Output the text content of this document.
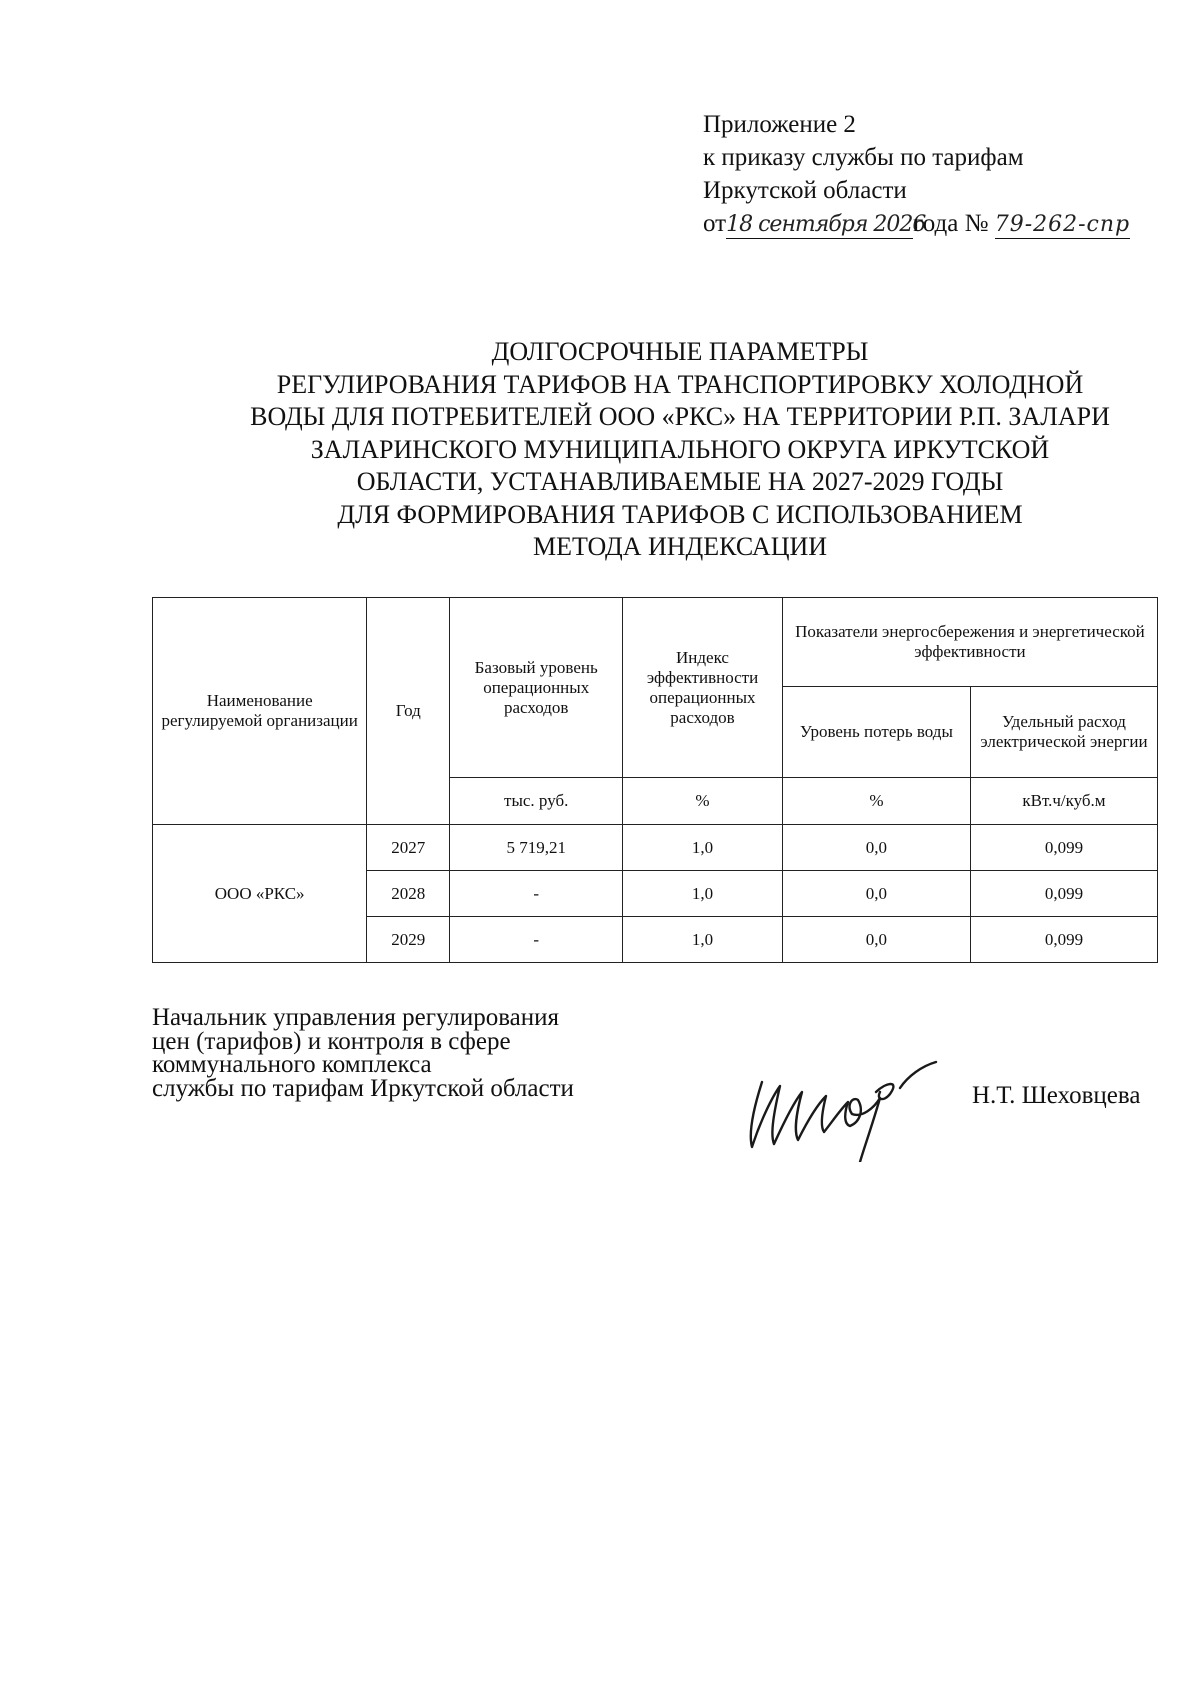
Приложение 2
к приказу службы по тарифам
Иркутской области
от18 сентября 2026года № 79-262-спр
ДОЛГОСРОЧНЫЕ ПАРАМЕТРЫ
РЕГУЛИРОВАНИЯ ТАРИФОВ НА ТРАНСПОРТИРОВКУ ХОЛОДНОЙ
ВОДЫ ДЛЯ ПОТРЕБИТЕЛЕЙ ООО «РКС» НА ТЕРРИТОРИИ Р.П. ЗАЛАРИ
ЗАЛАРИНСКОГО МУНИЦИПАЛЬНОГО ОКРУГА ИРКУТСКОЙ
ОБЛАСТИ, УСТАНАВЛИВАЕМЫЕ НА 2027-2029 ГОДЫ
ДЛЯ ФОРМИРОВАНИЯ ТАРИФОВ С ИСПОЛЬЗОВАНИЕМ
МЕТОДА ИНДЕКСАЦИИ
Наименование регулируемой организации	Год	Базовый уровень операционных расходов	Индекс эффективности операционных расходов	Показатели энергосбережения и энергетической эффективности	
				Уровень потерь воды	Удельный расход электрической энергии
		тыс. руб.	%	%	кВт.ч/куб.м
ООО «РКС»	2027	5 719,21	1,0	0,0	0,099
	2028	-	1,0	0,0	0,099
	2029	-	1,0	0,0	0,099
Начальник управления регулирования
цен (тарифов) и контроля в сфере
коммунального комплекса
службы по тарифам Иркутской области	Н.Т. Шеховцева
